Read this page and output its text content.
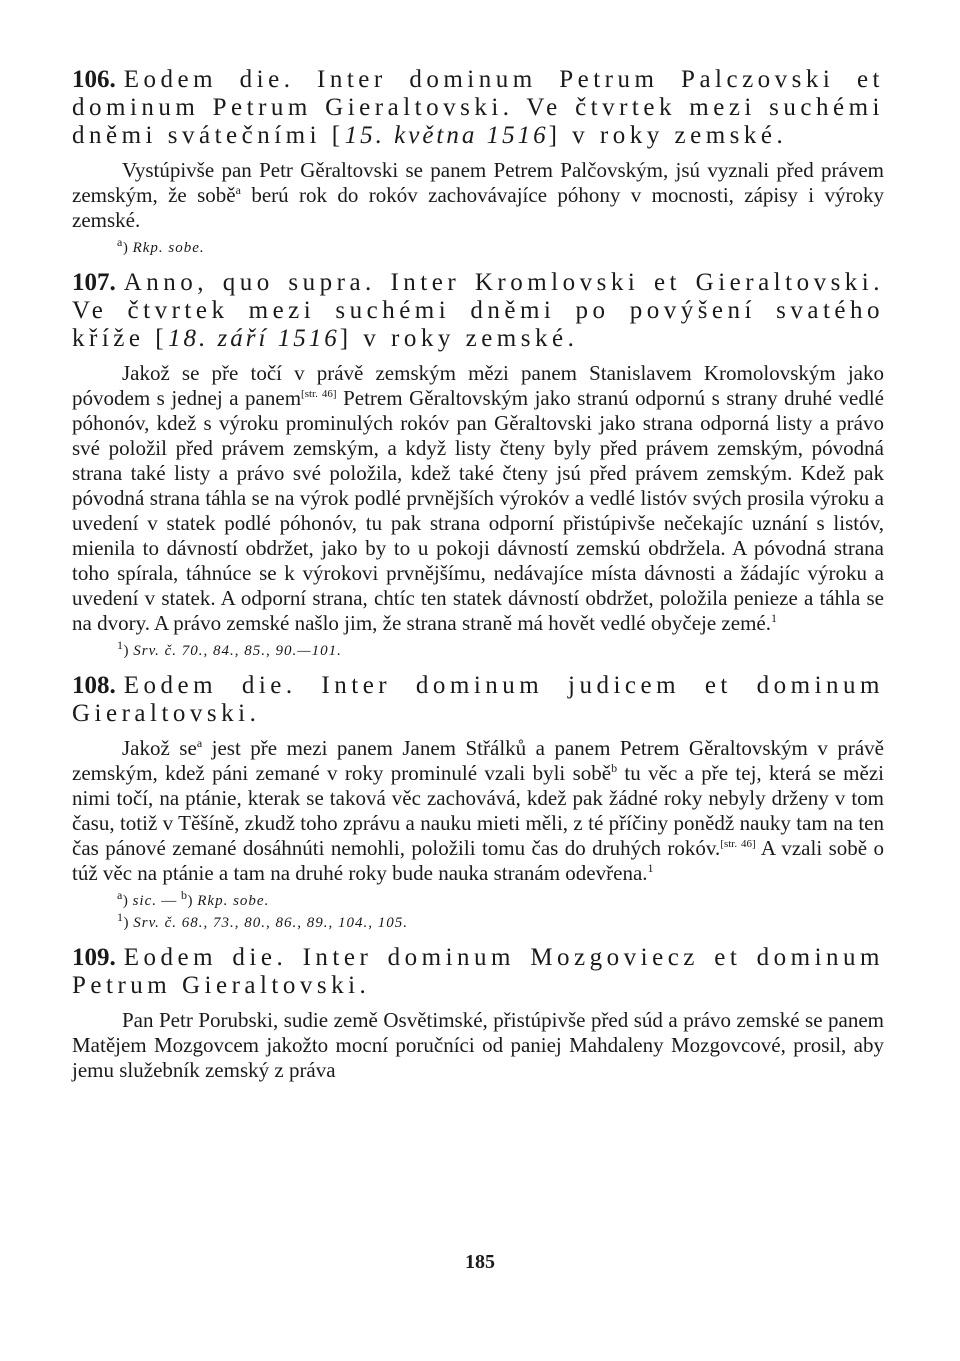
106. Eodem die. Inter dominum Petrum Palczovski et dominum Petrum Gieraltovski. Ve čtvrtek mezi suchémi dněmi svátečními [15. května 1516] v roky zemské.

Vystúpivše pan Petr Gěraltovski se panem Petrem Palčovským, jsú vyznali před právem zemským, že sobě$^a$ berú rok do rokóv zachovávajíce póhony v mocnosti, zápisy i výroky zemské.

$^a$) Rkp. sobe.

107. Anno, quo supra. Inter Kromlovski et Gieraltovski. Ve čtvrtek mezi suchémi dněmi po povýšení svatého kříže [18. září 1516] v roky zemské.

Jakož se pře točí v právě zemským mězi panem Stanislavem Kromolovským jako póvodem s jednej a panem[str. 46] Petrem Gěraltovským jako stranú odpornú s strany druhé vedlé póhonóv, kdež s výroku prominulých rokóv pan Gěraltovski jako strana odporná listy a právo své položil před právem zemským, a když listy čteny byly před právem zemským, póvodná strana také listy a právo své položila, kdež také čteny jsú před právem zemským. Kdež pak póvodná strana táhla se na výrok podlé prvnějších výrokóv a vedlé listóv svých prosila výroku a uvedení v statek podlé póhonóv, tu pak strana odporní přistúpivše nečekajíc uznání s listóv, mienila to dávností obdržet, jako by to u pokoji dávností zemskú obdržela. A póvodná strana toho spírala, táhnúce se k výrokovi prvnějšímu, nedávajíce místa dávnosti a žádajíc výroku a uvedení v statek. A odporní strana, chtíc ten statek dávností obdržet, položila penieze a táhla se na dvory. A právo zemské našlo jim, že strana straně má hovět vedlé obyčeje zemé.$^1$

$^1$) Srv. č. 70., 84., 85., 90.—101.

108. Eodem die. Inter dominum judicem et dominum Gieraltovski.

Jakož $se^a$ jest pře mezi panem Janem Střálků a panem Petrem Gěraltovským v právě zemským, kdež páni zemané v roky prominulé vzali byli sobě$^b$ tu věc a pře tej, která se mězi nimi točí, na ptánie, kterak se taková věc zachovává, kdež pak žádné roky nebyly drženy v tom času, totiž v Těšíně, zkudž toho zprávu a nauku mieti měli, z té příčiny ponědž nauky tam na ten čas pánové zemané dosáhnúti nemohli, položili tomu čas do druhých rokóv.[str. 46] A vzali sobě o túž věc na ptánie a tam na druhé roky bude nauka stranám odevřena.$^1$

$^a$) sic. — $^b$) Rkp. sobe.
$^1$) Srv. č. 68., 73., 80., 86., 89., 104., 105.

109. Eodem die. Inter dominum Mozgoviecz et dominum Petrum Gieraltovski.

Pan Petr Porubski, sudie země Osvětimské, přistúpivše před súd a právo zemské se panem Matějem Mozgovcem jakožto mocní poručníci od paniej Mahdaleny Mozgovcové, prosil, aby jemu služebník zemský z práva

185
